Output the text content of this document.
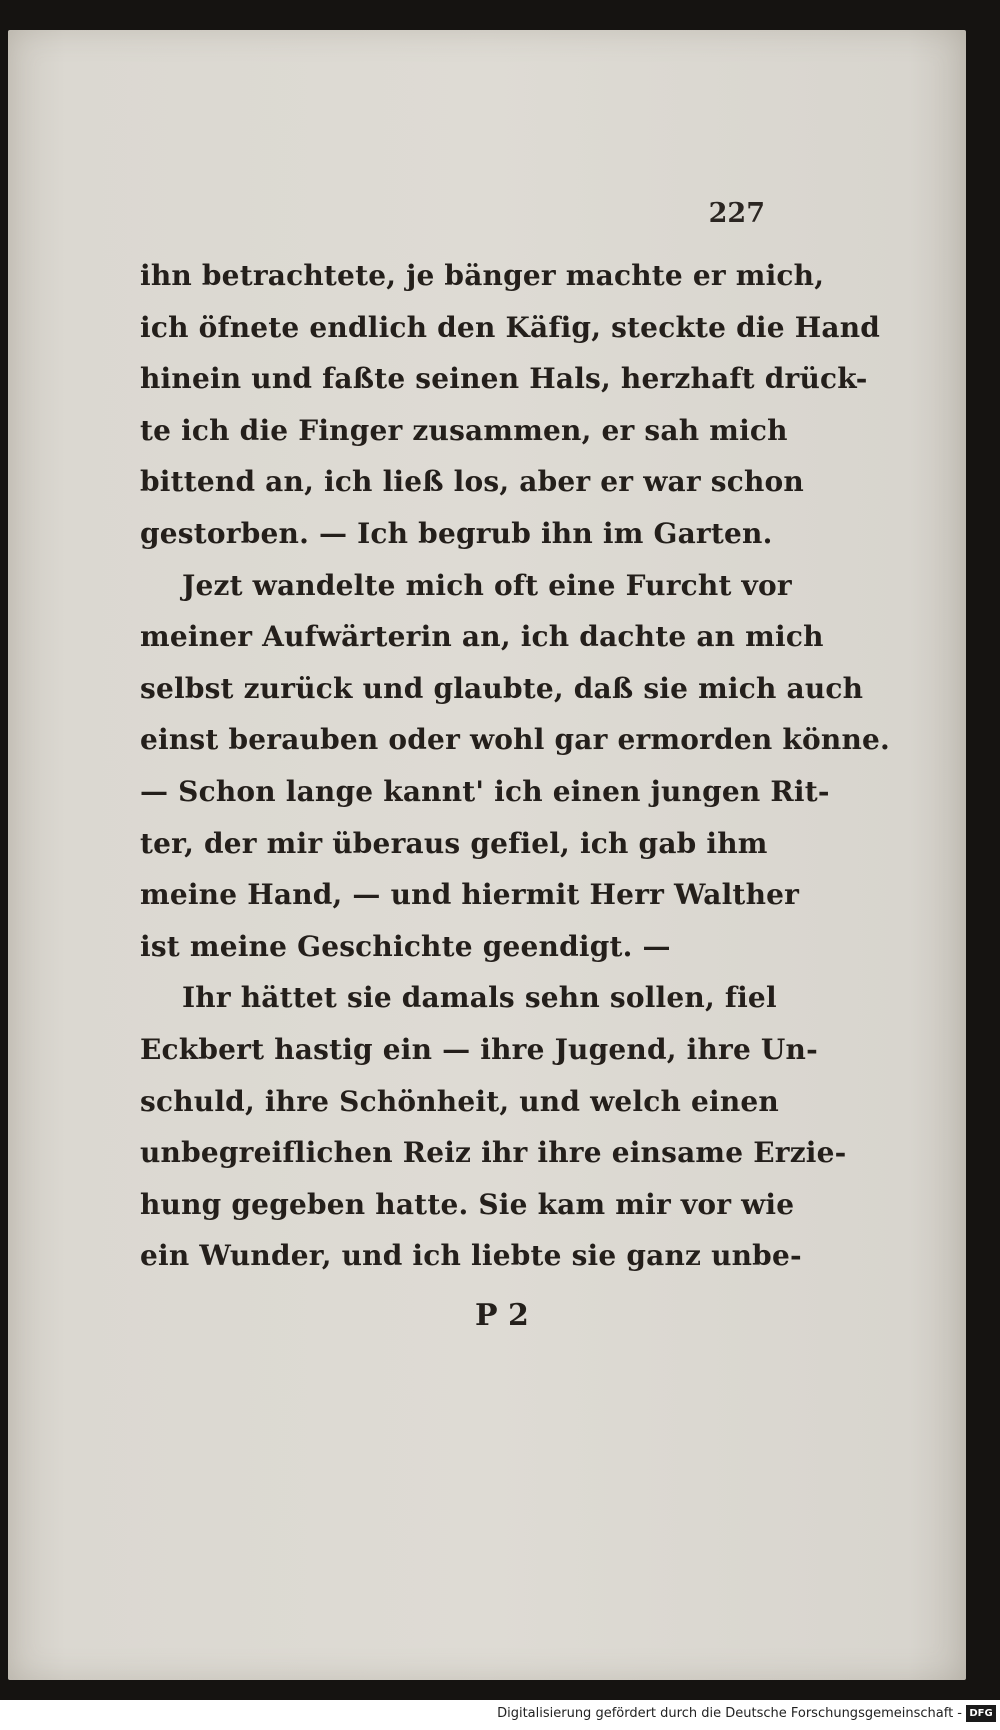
227
ihn betrachtete, je bänger machte er mich,
ich öfnete endlich den Käfig, steckte die Hand
hinein und faßte seinen Hals, herzhaft drück-
te ich die Finger zusammen, er sah mich
bittend an, ich ließ los, aber er war schon
gestorben. — Ich begrub ihn im Garten.
Jezt wandelte mich oft eine Furcht vor
meiner Aufwärterin an, ich dachte an mich
selbst zurück und glaubte, daß sie mich auch
einst berauben oder wohl gar ermorden könne.
— Schon lange kannt' ich einen jungen Rit-
ter, der mir überaus gefiel, ich gab ihm
meine Hand, — und hiermit Herr Walther
ist meine Geschichte geendigt. —
Ihr hättet sie damals sehn sollen, fiel
Eckbert hastig ein — ihre Jugend, ihre Un-
schuld, ihre Schönheit, und welch einen
unbegreiflichen Reiz ihr ihre einsame Erzie-
hung gegeben hatte. Sie kam mir vor wie
ein Wunder, und ich liebte sie ganz unbe-
P 2
Digitalisierung gefördert durch die Deutsche Forschungsgemeinschaft - DFG
